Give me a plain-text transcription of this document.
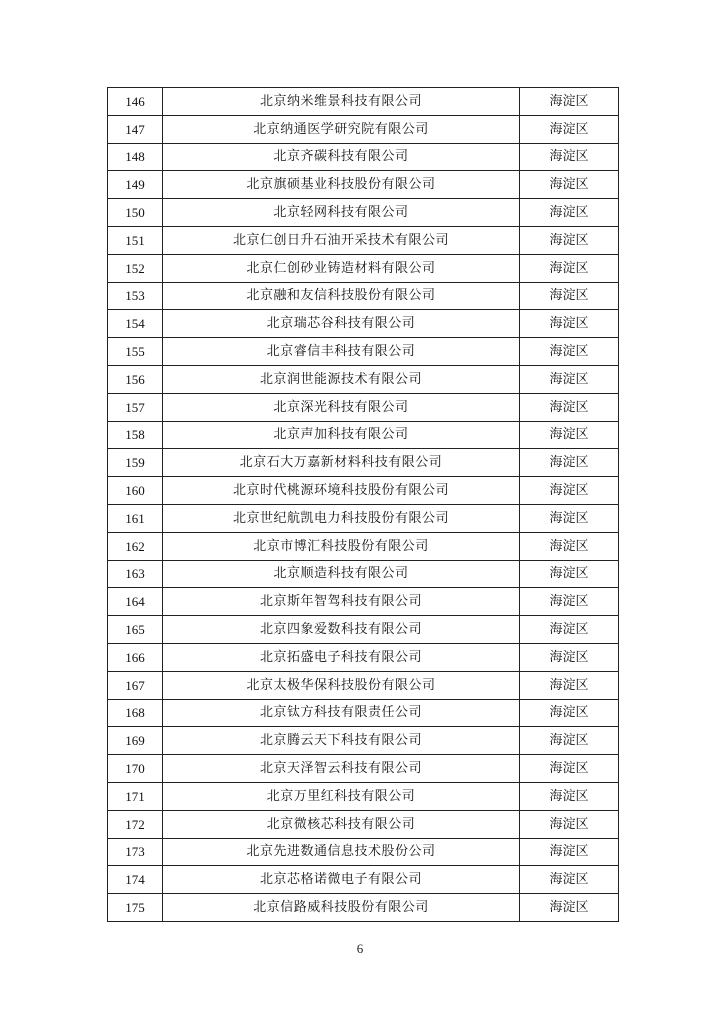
146	北京纳米维景科技有限公司	海淀区
147	北京纳通医学研究院有限公司	海淀区
148	北京齐碳科技有限公司	海淀区
149	北京旗硕基业科技股份有限公司	海淀区
150	北京轻网科技有限公司	海淀区
151	北京仁创日升石油开采技术有限公司	海淀区
152	北京仁创砂业铸造材料有限公司	海淀区
153	北京融和友信科技股份有限公司	海淀区
154	北京瑞芯谷科技有限公司	海淀区
155	北京睿信丰科技有限公司	海淀区
156	北京润世能源技术有限公司	海淀区
157	北京深光科技有限公司	海淀区
158	北京声加科技有限公司	海淀区
159	北京石大万嘉新材料科技有限公司	海淀区
160	北京时代桃源环境科技股份有限公司	海淀区
161	北京世纪航凯电力科技股份有限公司	海淀区
162	北京市博汇科技股份有限公司	海淀区
163	北京顺造科技有限公司	海淀区
164	北京斯年智驾科技有限公司	海淀区
165	北京四象爱数科技有限公司	海淀区
166	北京拓盛电子科技有限公司	海淀区
167	北京太极华保科技股份有限公司	海淀区
168	北京钛方科技有限责任公司	海淀区
169	北京腾云天下科技有限公司	海淀区
170	北京天泽智云科技有限公司	海淀区
171	北京万里红科技有限公司	海淀区
172	北京微核芯科技有限公司	海淀区
173	北京先进数通信息技术股份公司	海淀区
174	北京芯格诺微电子有限公司	海淀区
175	北京信路威科技股份有限公司	海淀区
6
